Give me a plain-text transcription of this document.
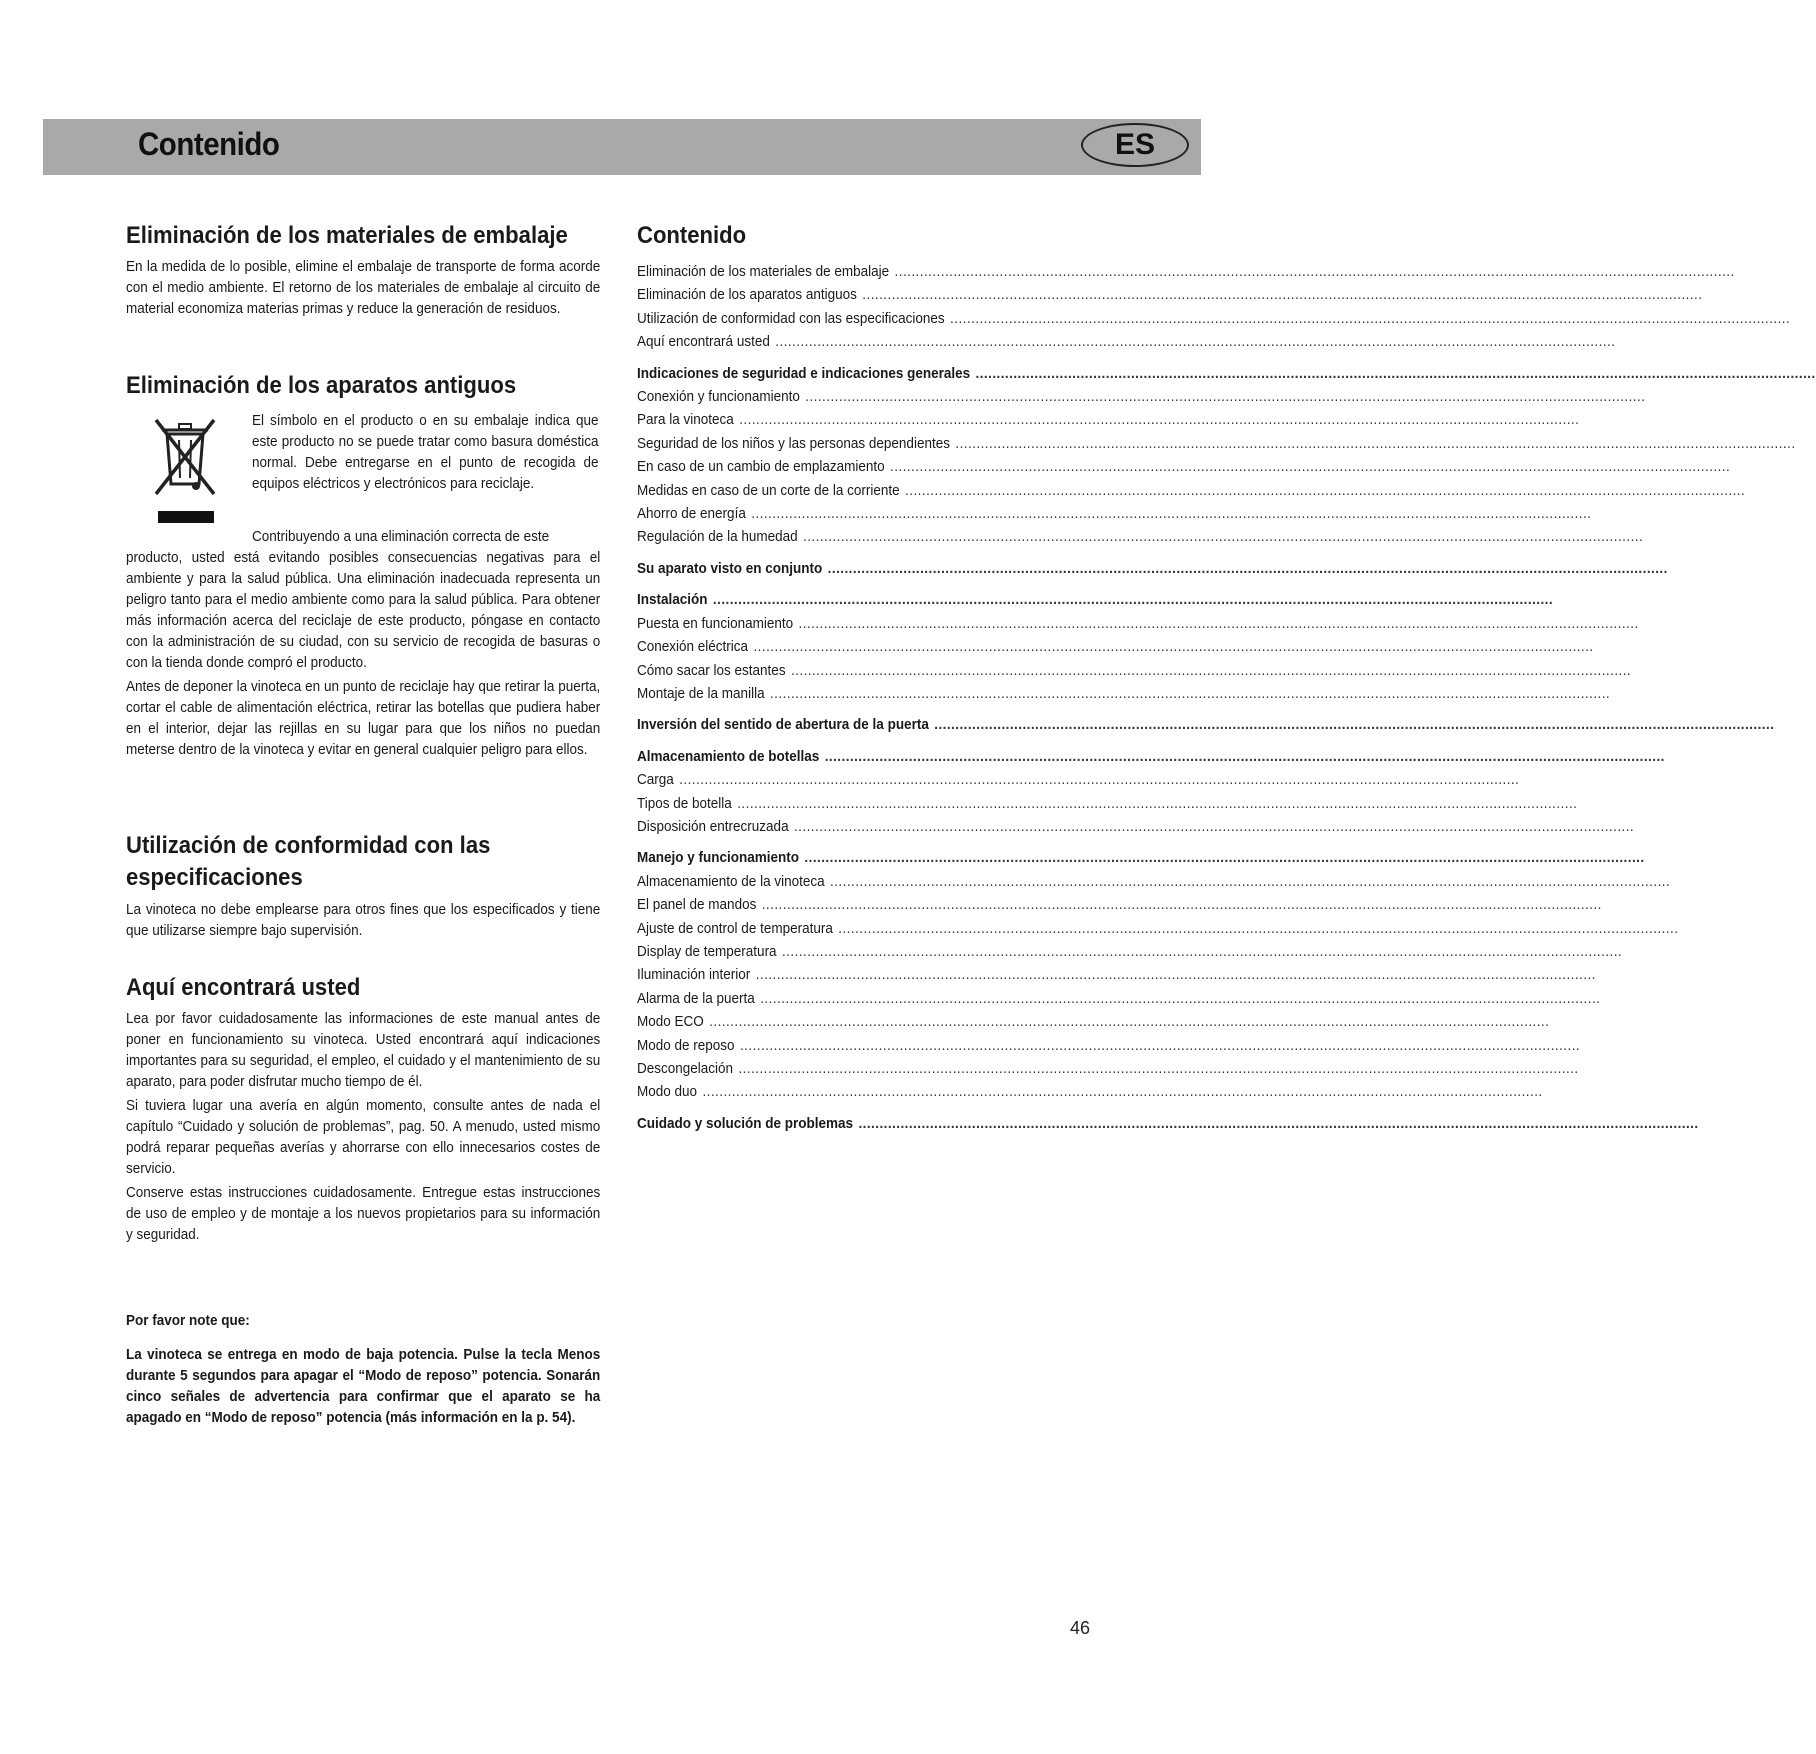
Contenido	ES
Eliminación de los materiales de embalaje

En la medida de lo posible, elimine el embalaje de transporte de forma acorde con el medio ambiente. El retorno de los materiales de embalaje al circuito de material economiza materias primas y reduce la generación de residuos.

Eliminación de los aparatos antiguos
El símbolo en el producto o en su embalaje indica que este producto no se puede tratar como basura doméstica normal. Debe entregarse en el punto de recogida de equipos eléctricos y electrónicos para reciclaje.
Contribuyendo a una eliminación correcta de este

producto, usted está evitando posibles consecuencias negativas para el ambiente y para la salud pública. Una eliminación inadecuada representa un peligro tanto para el medio ambiente como para la salud pública. Para obtener más información acerca del reciclaje de este producto, póngase en contacto con la administración de su ciudad, con su servicio de recogida de basuras o con la tienda donde compró el producto.

Antes de deponer la vinoteca en un punto de reciclaje hay que retirar la puerta, cortar el cable de alimentación eléctrica, retirar las botellas que pudiera haber en el interior, dejar las rejillas en su lugar para que los niños no puedan meterse dentro de la vinoteca y evitar en general cualquier peligro para ellos.

Utilización de conformidad con las especificaciones

La vinoteca no debe emplearse para otros fines que los especificados y tiene que utilizarse siempre bajo supervisión.

Aquí encontrará usted

Lea por favor cuidadosamente las informaciones de este manual antes de poner en funcionamiento su vinoteca. Usted encontrará aquí indicaciones importantes para su seguridad, el empleo, el cuidado y el mantenimiento de su aparato, para poder disfrutar mucho tiempo de él.

Si tuviera lugar una avería en algún momento, consulte antes de nada el capítulo “Cuidado y solución de problemas”, pag. 50. A menudo, usted mismo podrá reparar pequeñas averías y ahorrarse con ello innecesarios costes de servicio.

Conserve estas instrucciones cuidadosamente. Entregue estas instrucciones de uso de empleo y de montaje a los nuevos propietarios para su información y seguridad.

Por favor note que:

La vinoteca se entrega en modo de baja potencia. Pulse la tecla Menos durante 5 segundos para apagar el “Modo de reposo” potencia. Sonarán cinco señales de advertencia para confirmar que el aparato se ha apagado en “Modo de reposo” potencia (más información en la p. 54).

Contenido
Eliminación de los materiales de embalaje ........................................................................................................................................................................................................
Eliminación de los aparatos antiguos ........................................................................................................................................................................................................
Utilización de conformidad con las especificaciones ........................................................................................................................................................................................................
Aquí encontrará usted ........................................................................................................................................................................................................
Indicaciones de seguridad e indicaciones generales ........................................................................................................................................................................................................
Conexión y funcionamiento ........................................................................................................................................................................................................
Para la vinoteca ........................................................................................................................................................................................................
Seguridad de los niños y las personas dependientes ........................................................................................................................................................................................................
En caso de un cambio de emplazamiento ........................................................................................................................................................................................................
Medidas en caso de un corte de la corriente ........................................................................................................................................................................................................
Ahorro de energía ........................................................................................................................................................................................................
Regulación de la humedad ........................................................................................................................................................................................................
Su aparato visto en conjunto ........................................................................................................................................................................................................
Instalación ........................................................................................................................................................................................................
Puesta en funcionamiento ........................................................................................................................................................................................................
Conexión eléctrica ........................................................................................................................................................................................................
Cómo sacar los estantes ........................................................................................................................................................................................................
Montaje de la manilla ........................................................................................................................................................................................................
Inversión del sentido de abertura de la puerta ........................................................................................................................................................................................................
Almacenamiento de botellas ........................................................................................................................................................................................................
Carga ........................................................................................................................................................................................................
Tipos de botella ........................................................................................................................................................................................................
Disposición entrecruzada ........................................................................................................................................................................................................
Manejo y funcionamiento ........................................................................................................................................................................................................
Almacenamiento de la vinoteca ........................................................................................................................................................................................................
El panel de mandos ........................................................................................................................................................................................................
Ajuste de control de temperatura ........................................................................................................................................................................................................
Display de temperatura ........................................................................................................................................................................................................
Iluminación interior ........................................................................................................................................................................................................
Alarma de la puerta ........................................................................................................................................................................................................
Modo ECO ........................................................................................................................................................................................................
Modo de reposo ........................................................................................................................................................................................................
Descongelación ........................................................................................................................................................................................................
Modo duo ........................................................................................................................................................................................................
Cuidado y solución de problemas ........................................................................................................................................................................................................
46
